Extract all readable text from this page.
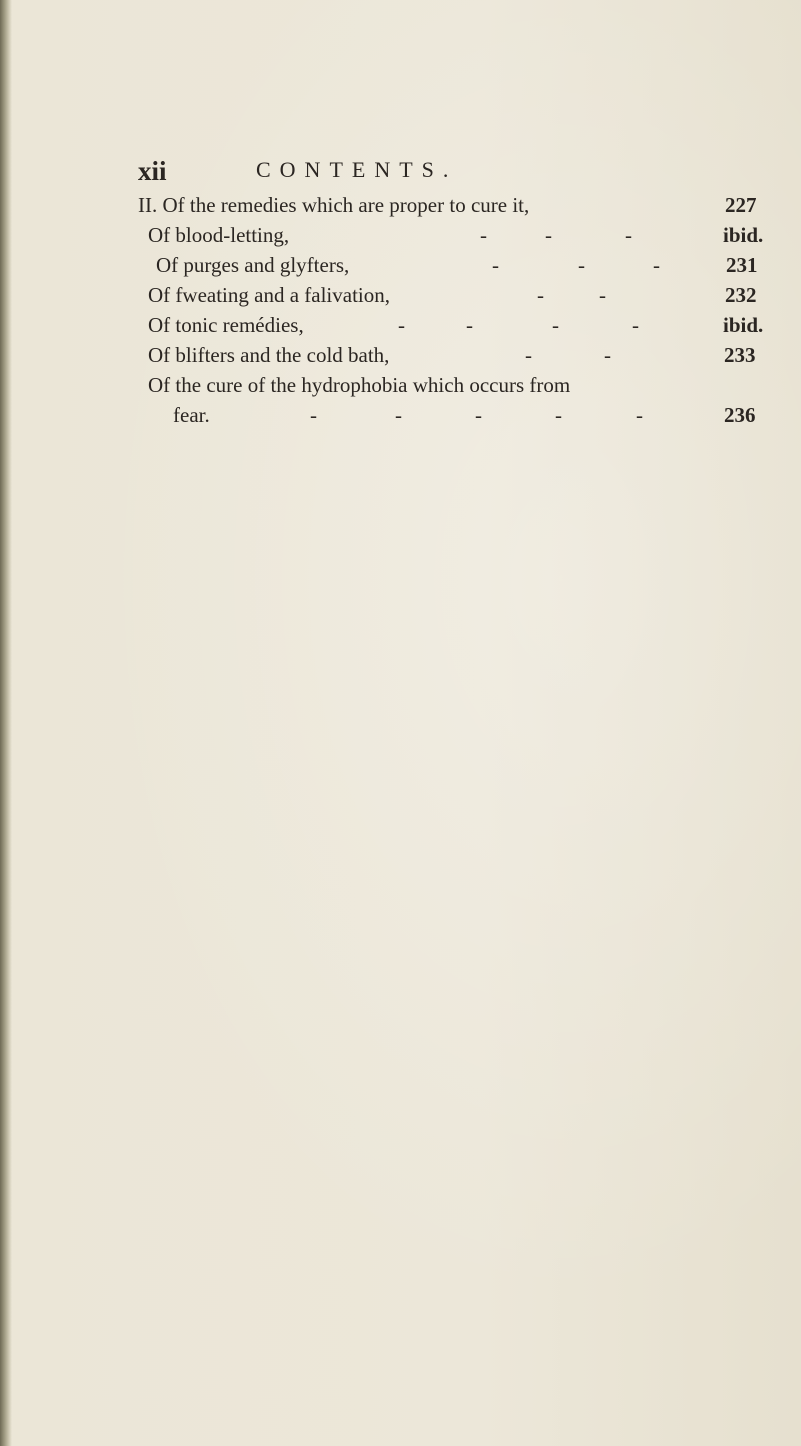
xii	CONTENTS.
II. Of the remedies which are proper to cure it,	227
Of blood-letting,	-	-	-	ibid.
Of purges and glyfters,	-	-	-	231
Of fweating and a falivation,	-	-	232
Of tonic remédies,	-	-	-	-	ibid.
Of blifters and the cold bath,	-	-	233
Of the cure of the hydrophobia which occurs from
fear.	-	-	-	-	-	236
